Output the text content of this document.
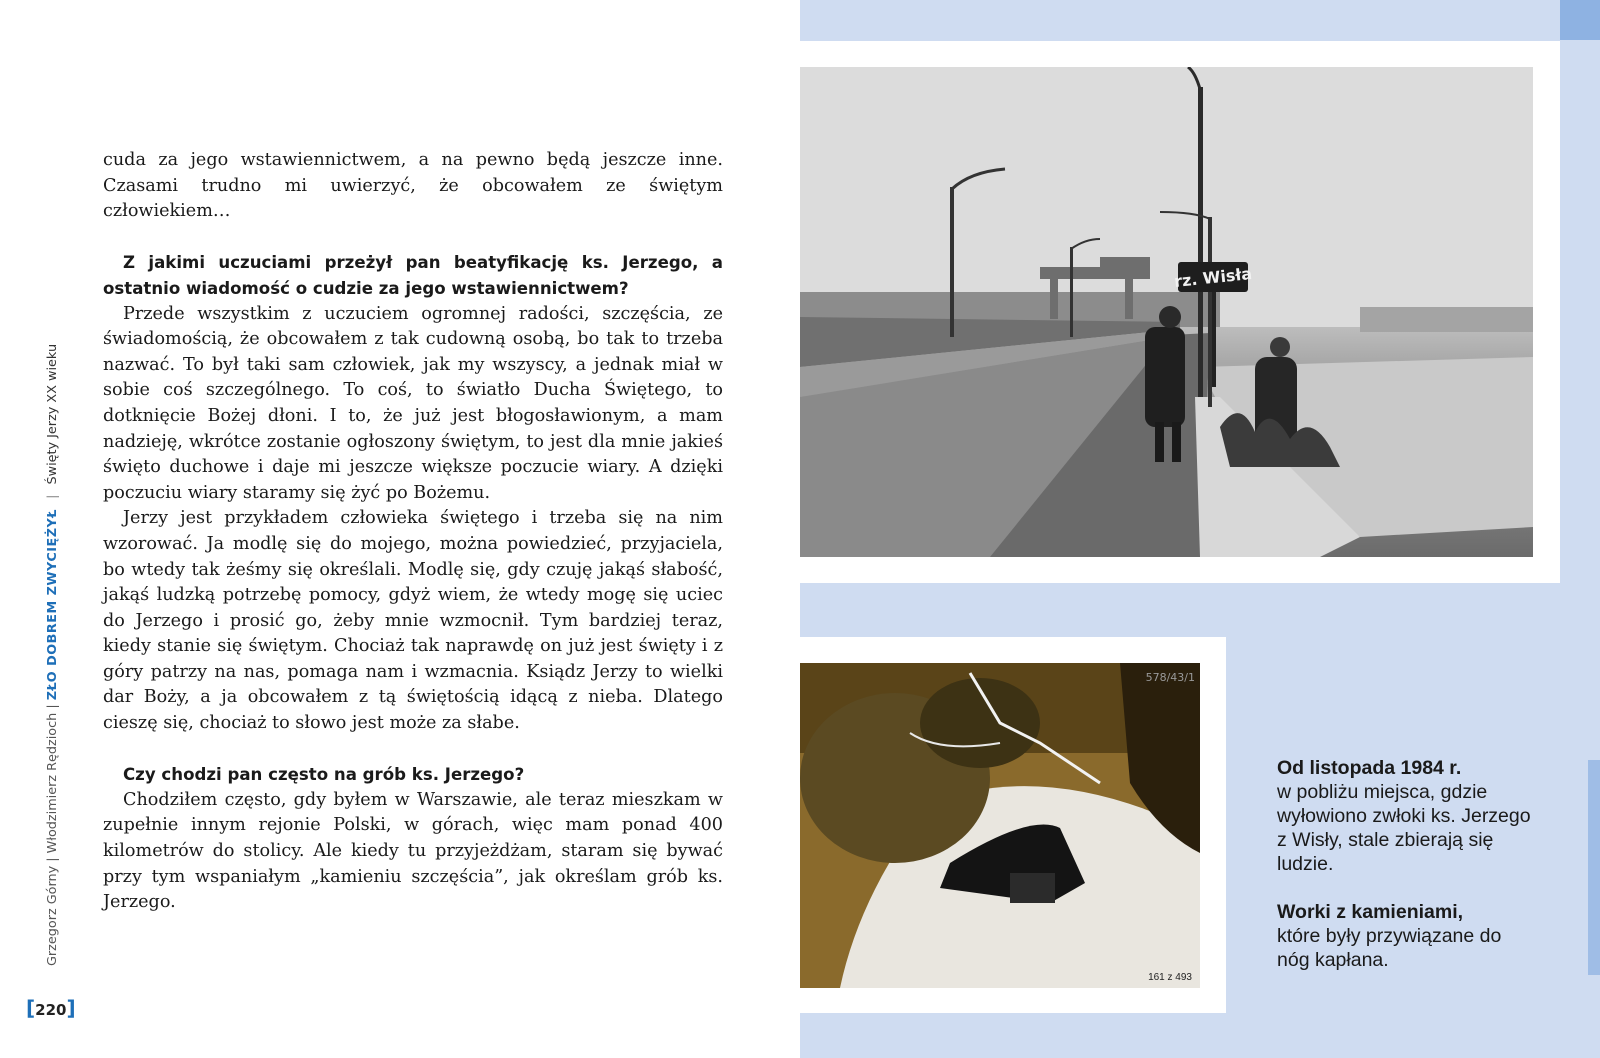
Grzegorz Górny | Włodzimierz Rędzioch | ZŁO DOBREM ZWYCIĘŻYŁ | Święty Jerzy XX wieku
[220]

cuda za jego wstawiennictwem, a na pewno będą jeszcze inne. Czasami trudno mi uwierzyć, że obcowałem ze świętym człowiekiem…

Z jakimi uczuciami przeżył pan beatyfikację ks. Jerzego, a ostatnio wiadomość o cudzie za jego wstawiennictwem?

Przede wszystkim z uczuciem ogromnej radości, szczęścia, ze świadomością, że obcowałem z tak cudowną osobą, bo tak to trzeba nazwać. To był taki sam człowiek, jak my wszyscy, a jednak miał w sobie coś szczególnego. To coś, to światło Ducha Świętego, to dotknięcie Bożej dłoni. I to, że już jest błogosławionym, a mam nadzieję, wkrótce zostanie ogłoszony świętym, to jest dla mnie jakieś święto duchowe i daje mi jeszcze większe poczucie wiary. A dzięki poczuciu wiary staramy się żyć po Bożemu.

Jerzy jest przykładem człowieka świętego i trzeba się na nim wzorować. Ja modlę się do mojego, można powiedzieć, przyjaciela, bo wtedy tak żeśmy się określali. Modlę się, gdy czuję jakąś słabość, jakąś ludzką potrzebę pomocy, gdyż wiem, że wtedy mogę się uciec do Jerzego i prosić go, żeby mnie wzmocnił. Tym bardziej teraz, kiedy stanie się świętym. Chociaż tak naprawdę on już jest święty i z góry patrzy na nas, pomaga nam i wzmacnia. Ksiądz Jerzy to wielki dar Boży, a ja obcowałem z tą świętością idącą z nieba. Dlatego cieszę się, chociaż to słowo jest może za słabe.

Czy chodzi pan często na grób ks. Jerzego?

Chodziłem często, gdy byłem w Warszawie, ale teraz mieszkam w zupełnie innym rejonie Polski, w górach, więc mam ponad 400 kilometrów do stolicy. Ale kiedy tu przyjeżdżam, staram się bywać przy tym wspaniałym „kamieniu szczęścia”, jak określam grób ks. Jerzego.

rz. Wisła
578/43/1
161 z 493

Od listopada 1984 r.
w pobliżu miejsca, gdzie wyłowiono zwłoki ks. Jerzego z Wisły, stale zbierają się ludzie.

Worki z kamieniami,
które były przywiązane do nóg kapłana.
